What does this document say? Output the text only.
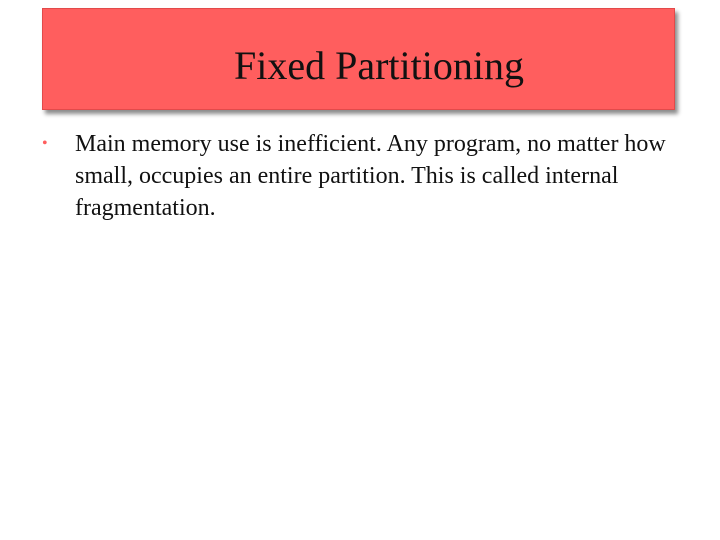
Fixed Partitioning
•	Main memory use is inefficient. Any program, no matter how small, occupies an entire partition. This is called internal fragmentation.
